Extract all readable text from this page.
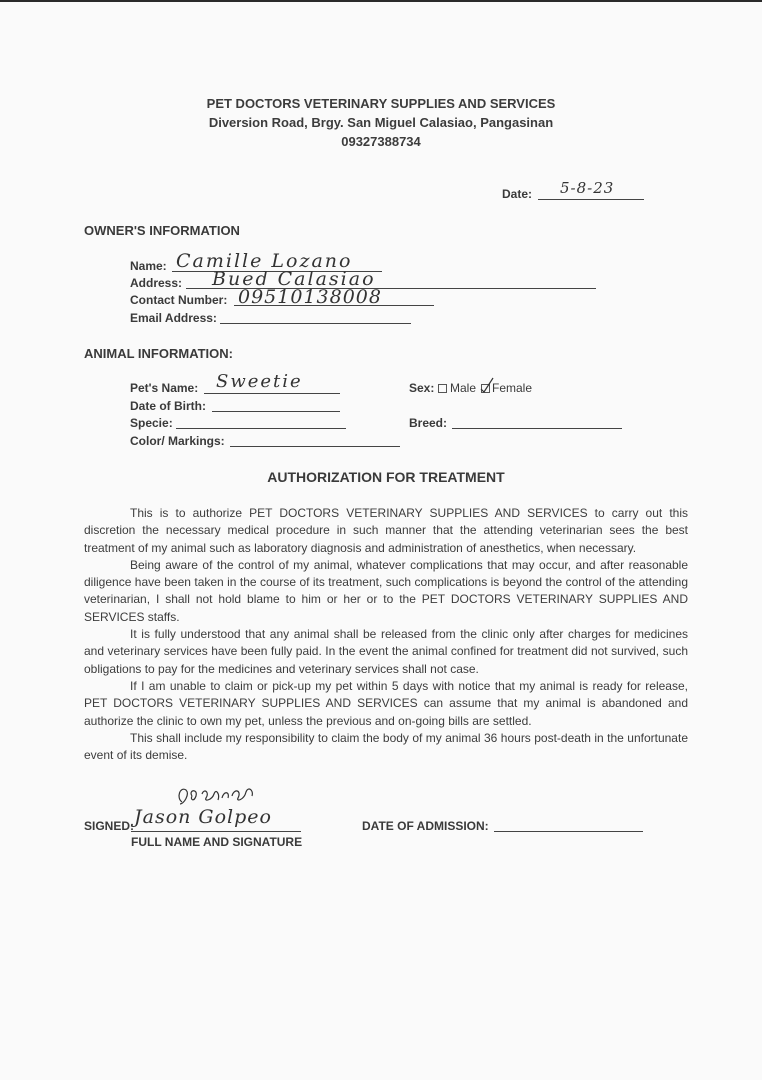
PET DOCTORS VETERINARY SUPPLIES AND SERVICES
Diversion Road, Brgy. San Miguel Calasiao, Pangasinan
09327388734
Date: 5-8-23
OWNER'S INFORMATION
Name: Camille Lozano
Address: Bued Calasiao
Contact Number: 09510138008
Email Address:
ANIMAL INFORMATION:
Pet's Name: Sweetie	Sex:	Male	Female
Date of Birth:
Specie:	Breed:
Color/ Markings:
AUTHORIZATION FOR TREATMENT

This is to authorize PET DOCTORS VETERINARY SUPPLIES AND SERVICES to carry out this discretion the necessary medical procedure in such manner that the attending veterinarian sees the best treatment of my animal such as laboratory diagnosis and administration of anesthetics, when necessary.

Being aware of the control of my animal, whatever complications that may occur, and after reasonable diligence have been taken in the course of its treatment, such complications is beyond the control of the attending veterinarian, I shall not hold blame to him or her or to the PET DOCTORS VETERINARY SUPPLIES AND SERVICES staffs.

It is fully understood that any animal shall be released from the clinic only after charges for medicines and veterinary services have been fully paid. In the event the animal confined for treatment did not survived, such obligations to pay for the medicines and veterinary services shall not case.

If I am unable to claim or pick-up my pet within 5 days with notice that my animal is ready for release, PET DOCTORS VETERINARY SUPPLIES AND SERVICES can assume that my animal is abandoned and authorize the clinic to own my pet, unless the previous and on-going bills are settled.

This shall include my responsibility to claim the body of my animal 36 hours post-death in the unfortunate event of its demise.

SIGNED: Jason Golpeo
FULL NAME AND SIGNATURE
DATE OF ADMISSION:
